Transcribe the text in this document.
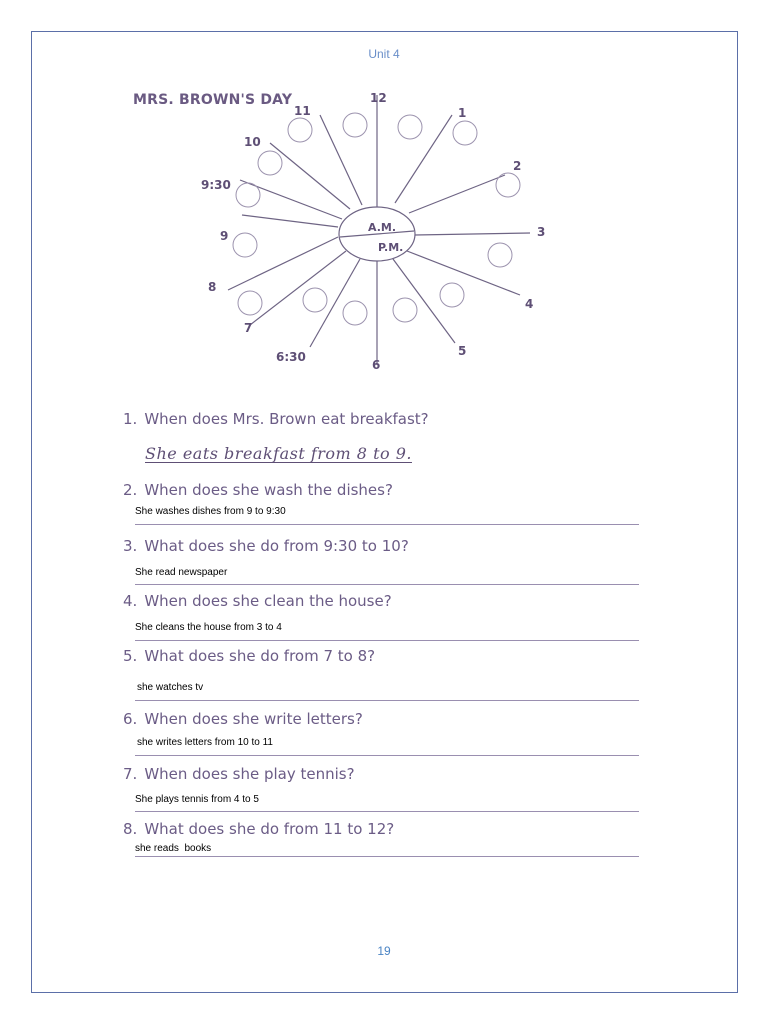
Unit 4
MRS. BROWN'S DAY
A.M.
P.M.
12
1
2
3
4
5
6
6:30
7
8
9
9:30
10
11
1. When does Mrs. Brown eat breakfast?
She eats breakfast from 8 to 9.
2. When does she wash the dishes?
She washes dishes from 9 to 9:30
3. What does she do from 9:30 to 10?
She read newspaper
4. When does she clean the house?
She cleans the house from 3 to 4
5. What does she do from 7 to 8?
she watches tv
6. When does she write letters?
she writes letters from 10 to 11
7. When does she play tennis?
She plays tennis from 4 to 5
8. What does she do from 11 to 12?
she reads  books
19
